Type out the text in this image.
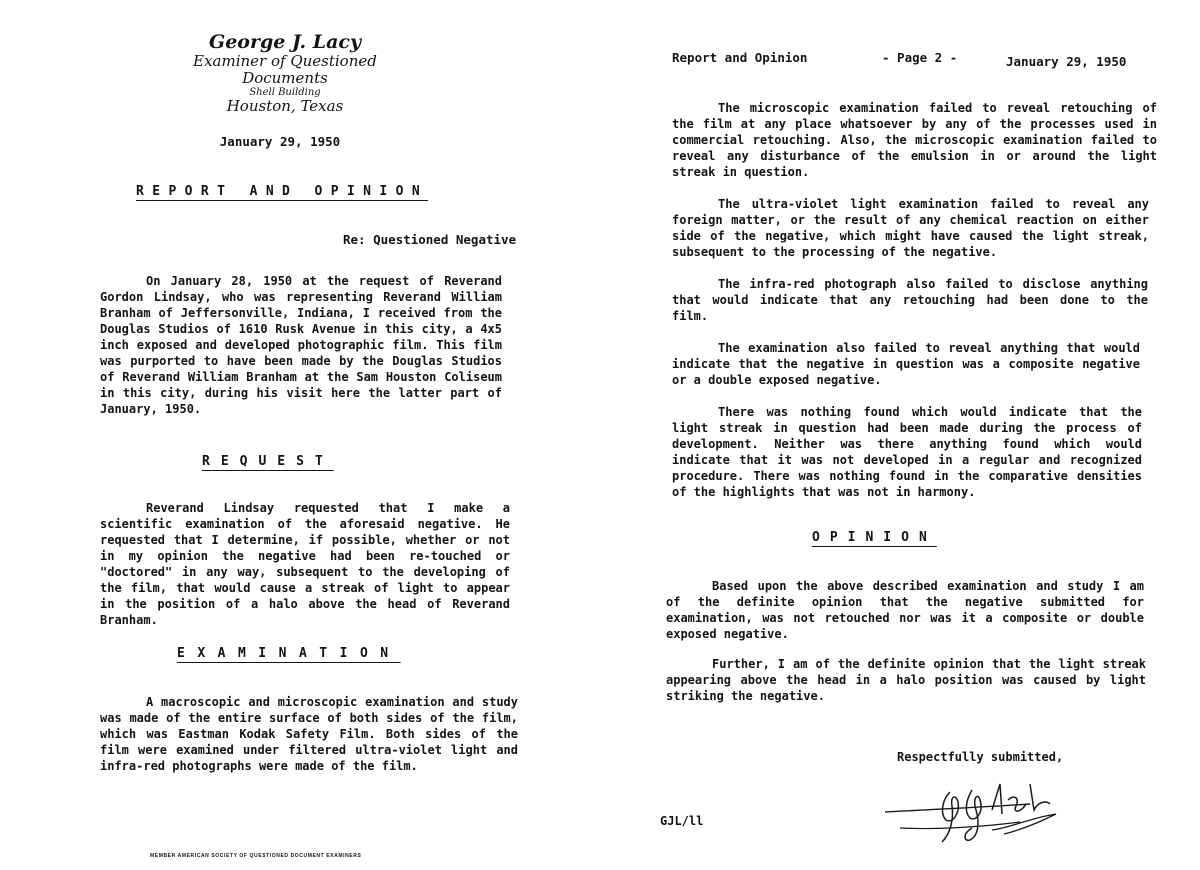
George J. Lacy
Examiner of Questioned Documents
Shell Building
Houston, Texas
January 29, 1950
REPORT AND OPINION
Re: Questioned Negative

On January 28, 1950 at the request of Reverand Gordon Lindsay, who was representing Reverand William Branham of Jeffersonville, Indiana, I received from the Douglas Studios of 1610 Rusk Avenue in this city, a 4x5 inch exposed and developed photographic film. This film was purported to have been made by the Douglas Studios of Reverand William Branham at the Sam Houston Coliseum in this city, during his visit here the latter part of January, 1950.

REQUEST

Reverand Lindsay requested that I make a scientific examination of the aforesaid negative. He requested that I determine, if possible, whether or not in my opinion the negative had been re-touched or "doctored" in any way, subsequent to the developing of the film, that would cause a streak of light to appear in the position of a halo above the head of Reverand Branham.

EXAMINATION

A macroscopic and microscopic examination and study was made of the entire surface of both sides of the film, which was Eastman Kodak Safety Film. Both sides of the film were examined under filtered ultra-violet light and infra-red photographs were made of the film.

MEMBER AMERICAN SOCIETY OF QUESTIONED DOCUMENT EXAMINERS
Report and Opinion	- Page 2 -	January 29, 1950

The microscopic examination failed to reveal retouching of the film at any place whatsoever by any of the processes used in commercial retouching. Also, the microscopic examination failed to reveal any disturbance of the emulsion in or around the light streak in question.

The ultra-violet light examination failed to reveal any foreign matter, or the result of any chemical reaction on either side of the negative, which might have caused the light streak, subsequent to the processing of the negative.

The infra-red photograph also failed to disclose anything that would indicate that any retouching had been done to the film.

The examination also failed to reveal anything that would indicate that the negative in question was a composite negative or a double exposed negative.

There was nothing found which would indicate that the light streak in question had been made during the process of development. Neither was there anything found which would indicate that it was not developed in a regular and recognized procedure. There was nothing found in the comparative densities of the highlights that was not in harmony.

OPINION

Based upon the above described examination and study I am of the definite opinion that the negative submitted for examination, was not retouched nor was it a composite or double exposed negative.

Further, I am of the definite opinion that the light streak appearing above the head in a halo position was caused by light striking the negative.

Respectfully submitted,
GJL/ll
